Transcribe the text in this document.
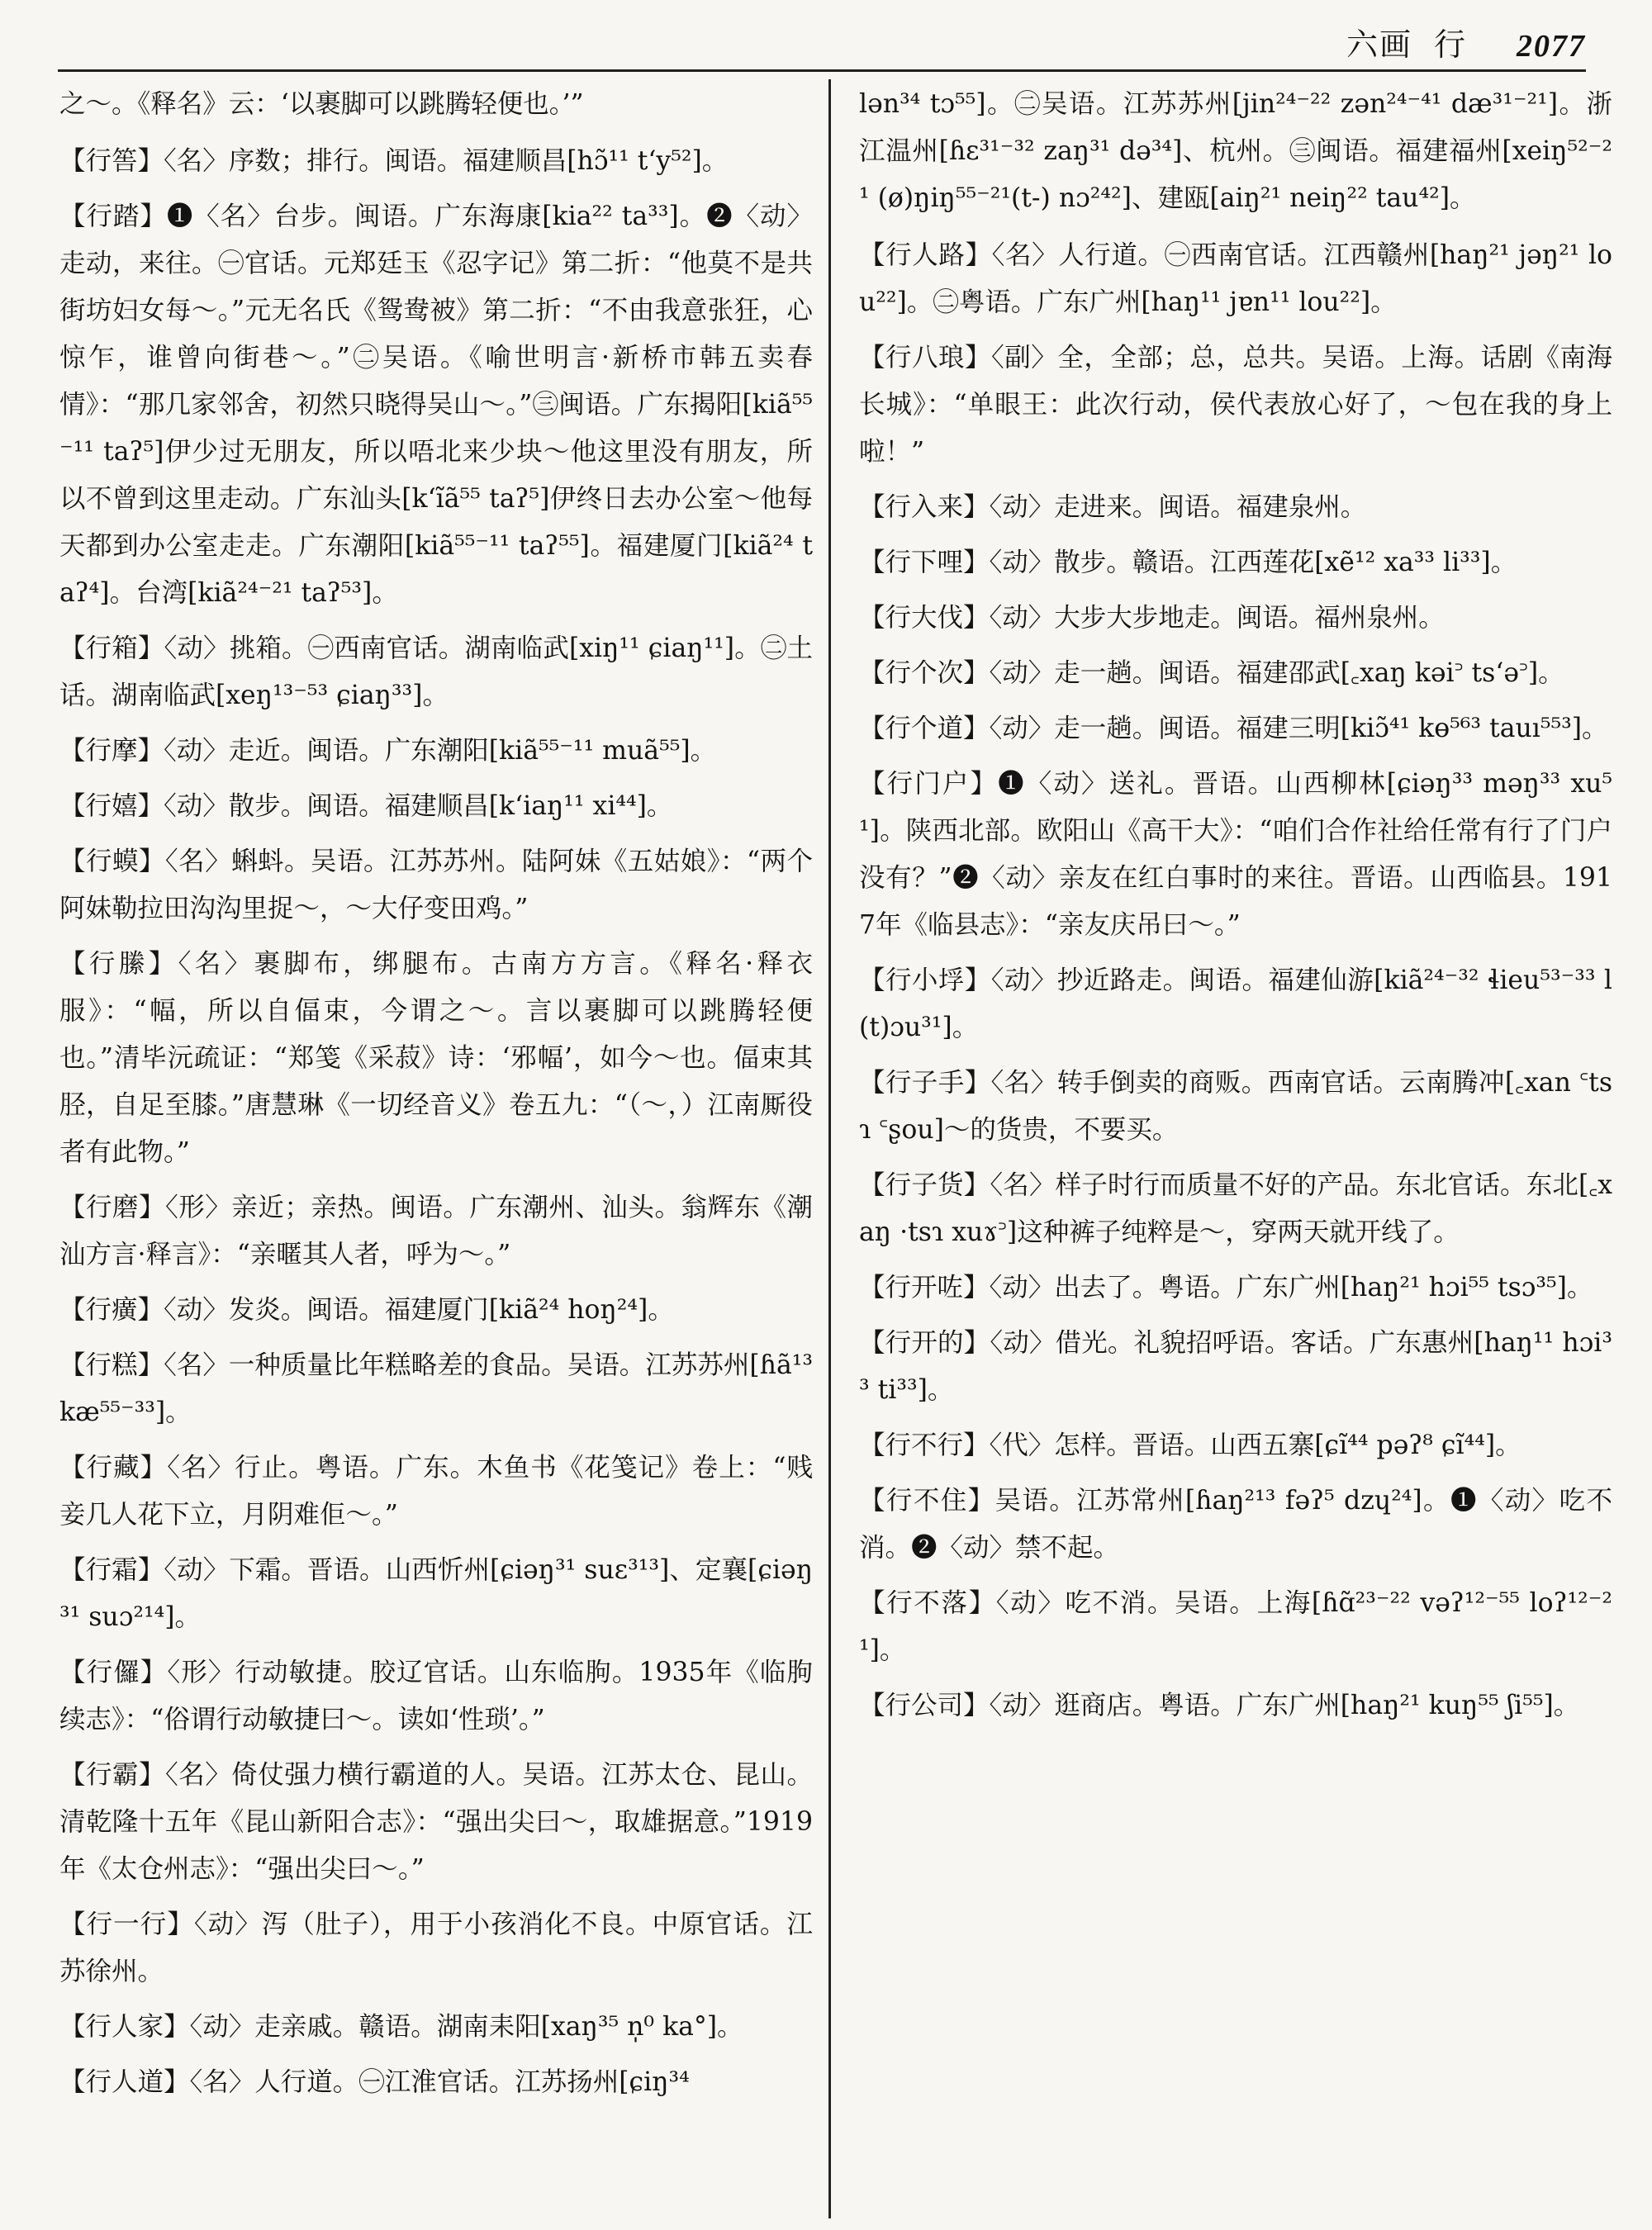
六画 行 2077

之～。《释名》云：‘以裹脚可以跳腾轻便也。’”

【行筶】〈名〉序数；排行。闽语。福建顺昌[hɔ̃¹¹ tʻy⁵²]。

【行踏】❶〈名〉台步。闽语。广东海康[kia²² ta³³]。❷〈动〉走动，来往。㊀官话。元郑廷玉《忍字记》第二折：“他莫不是共街坊妇女每～。”元无名氏《鸳鸯被》第二折：“不由我意张狂，心惊乍，谁曾向街巷～。”㊁吴语。《喻世明言·新桥市韩五卖春情》：“那几家邻舍，初然只晓得吴山～。”㊂闽语。广东揭阳[kiã⁵⁵⁻¹¹ taʔ⁵]伊少过无朋友，所以唔北来少块～他这里没有朋友，所以不曾到这里走动。广东汕头[kʻĩã⁵⁵ taʔ⁵]伊终日去办公室～他每天都到办公室走走。广东潮阳[kiã⁵⁵⁻¹¹ taʔ⁵⁵]。福建厦门[kiã²⁴ taʔ⁴]。台湾[kiã²⁴⁻²¹ taʔ⁵³]。

【行箱】〈动〉挑箱。㊀西南官话。湖南临武[xiŋ¹¹ ɕiaŋ¹¹]。㊁土话。湖南临武[xeŋ¹³⁻⁵³ ɕiaŋ³³]。

【行摩】〈动〉走近。闽语。广东潮阳[kiã⁵⁵⁻¹¹ muã⁵⁵]。

【行嬉】〈动〉散步。闽语。福建顺昌[kʻiaŋ¹¹ xi⁴⁴]。

【行蟆】〈名〉蝌蚪。吴语。江苏苏州。陆阿妹《五姑娘》：“两个阿妹勒拉田沟沟里捉～，～大仔变田鸡。”

【行縢】〈名〉裹脚布，绑腿布。古南方方言。《释名·释衣服》：“幅，所以自偪束，今谓之～。言以裹脚可以跳腾轻便也。”清毕沅疏证：“郑笺《采菽》诗：‘邪幅’，如今～也。偪束其胫，自足至膝。”唐慧琳《一切经音义》卷五九：“（～，）江南厮役者有此物。”

【行磨】〈形〉亲近；亲热。闽语。广东潮州、汕头。翁辉东《潮汕方言·释言》：“亲暱其人者，呼为～。”

【行癀】〈动〉发炎。闽语。福建厦门[kiã²⁴ hoŋ²⁴]。

【行糕】〈名〉一种质量比年糕略差的食品。吴语。江苏苏州[ɦã¹³ kæ⁵⁵⁻³³]。

【行藏】〈名〉行止。粤语。广东。木鱼书《花笺记》卷上：“贱妾几人花下立，月阴难佢～。”

【行霜】〈动〉下霜。晋语。山西忻州[ɕiəŋ³¹ suɛ³¹³]、定襄[ɕiəŋ³¹ suɔ²¹⁴]。

【行儸】〈形〉行动敏捷。胶辽官话。山东临朐。1935年《临朐续志》：“俗谓行动敏捷曰～。读如‘性琐’。”

【行霸】〈名〉倚仗强力横行霸道的人。吴语。江苏太仓、昆山。清乾隆十五年《昆山新阳合志》：“强出尖曰～，取雄据意。”1919年《太仓州志》：“强出尖曰～。”

【行一行】〈动〉泻（肚子），用于小孩消化不良。中原官话。江苏徐州。

【行人家】〈动〉走亲戚。赣语。湖南耒阳[xaŋ³⁵ n̩⁰ ka°]。

【行人道】〈名〉人行道。㊀江淮官话。江苏扬州[ɕiŋ³⁴

lən³⁴ tɔ⁵⁵]。㊁吴语。江苏苏州[jin²⁴⁻²² zən²⁴⁻⁴¹ dæ³¹⁻²¹]。浙江温州[ɦɛ³¹⁻³² zaŋ³¹ də³⁴]、杭州。㊂闽语。福建福州[xeiŋ⁵²⁻²¹ (ø)ŋiŋ⁵⁵⁻²¹(t-) nɔ²⁴²]、建瓯[aiŋ²¹ neiŋ²² tau⁴²]。

【行人路】〈名〉人行道。㊀西南官话。江西赣州[haŋ²¹ jəŋ²¹ lou²²]。㊁粤语。广东广州[haŋ¹¹ jɐn¹¹ lou²²]。

【行八琅】〈副〉全，全部；总，总共。吴语。上海。话剧《南海长城》：“单眼王：此次行动，侯代表放心好了，～包在我的身上啦！”

【行入来】〈动〉走进来。闽语。福建泉州。

【行下哩】〈动〉散步。赣语。江西莲花[xẽ¹² xa³³ li³³]。

【行大伐】〈动〉大步大步地走。闽语。福州泉州。

【行个次】〈动〉走一趟。闽语。福建邵武[꜀xaŋ kəi꜄ tsʻə꜄]。

【行个道】〈动〉走一趟。闽语。福建三明[kiɔ̃⁴¹ kɵ⁵⁶³ tauı⁵⁵³]。

【行门户】❶〈动〉送礼。晋语。山西柳林[ɕiəŋ³³ məŋ³³ xu⁵¹]。陕西北部。欧阳山《高干大》：“咱们合作社给任常有行了门户没有？”❷〈动〉亲友在红白事时的来往。晋语。山西临县。1917年《临县志》：“亲友庆吊曰～。”

【行小垺】〈动〉抄近路走。闽语。福建仙游[kiã²⁴⁻³² ɬieu⁵³⁻³³ l(t)ɔu³¹]。

【行子手】〈名〉转手倒卖的商贩。西南官话。云南腾冲[꜀xan ꜂tsɿ ꜂ʂou]～的货贵，不要买。

【行子货】〈名〉样子时行而质量不好的产品。东北官话。东北[꜀xaŋ ·tsɿ xuɤ꜄]这种裤子纯粹是～，穿两天就开线了。

【行开咗】〈动〉出去了。粤语。广东广州[haŋ²¹ hɔi⁵⁵ tsɔ³⁵]。

【行开的】〈动〉借光。礼貌招呼语。客话。广东惠州[haŋ¹¹ hɔi³³ ti³³]。

【行不行】〈代〉怎样。晋语。山西五寨[ɕĩ⁴⁴ pəʔ⁸ ɕĩ⁴⁴]。

【行不住】吴语。江苏常州[ɦaŋ²¹³ fəʔ⁵ dzɥ²⁴]。❶〈动〉吃不消。❷〈动〉禁不起。

【行不落】〈动〉吃不消。吴语。上海[ɦɑ̃²³⁻²² vəʔ¹²⁻⁵⁵ loʔ¹²⁻²¹]。

【行公司】〈动〉逛商店。粤语。广东广州[haŋ²¹ kuŋ⁵⁵ ʃi⁵⁵]。
